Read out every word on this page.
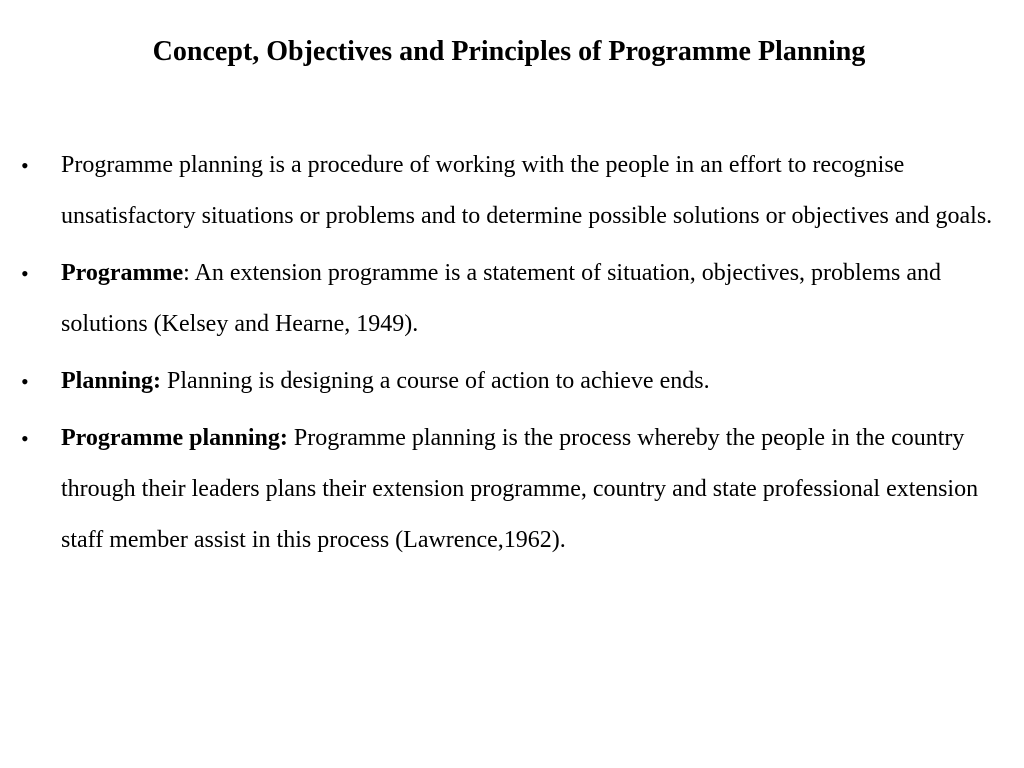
Concept, Objectives and Principles of Programme Planning
•	Programme planning is a procedure of working with the people in an effort to recognise unsatisfactory situations or problems and to determine possible solutions or objectives and goals.
•	Programme: An extension programme is a statement of situation, objectives, problems and solutions (Kelsey and Hearne, 1949).
•	Planning: Planning is designing a course of action to achieve ends.
•	Programme planning: Programme planning is the process whereby the people in the country through their leaders plans their extension programme, country and state professional extension staff member assist in this process (Lawrence,1962).
